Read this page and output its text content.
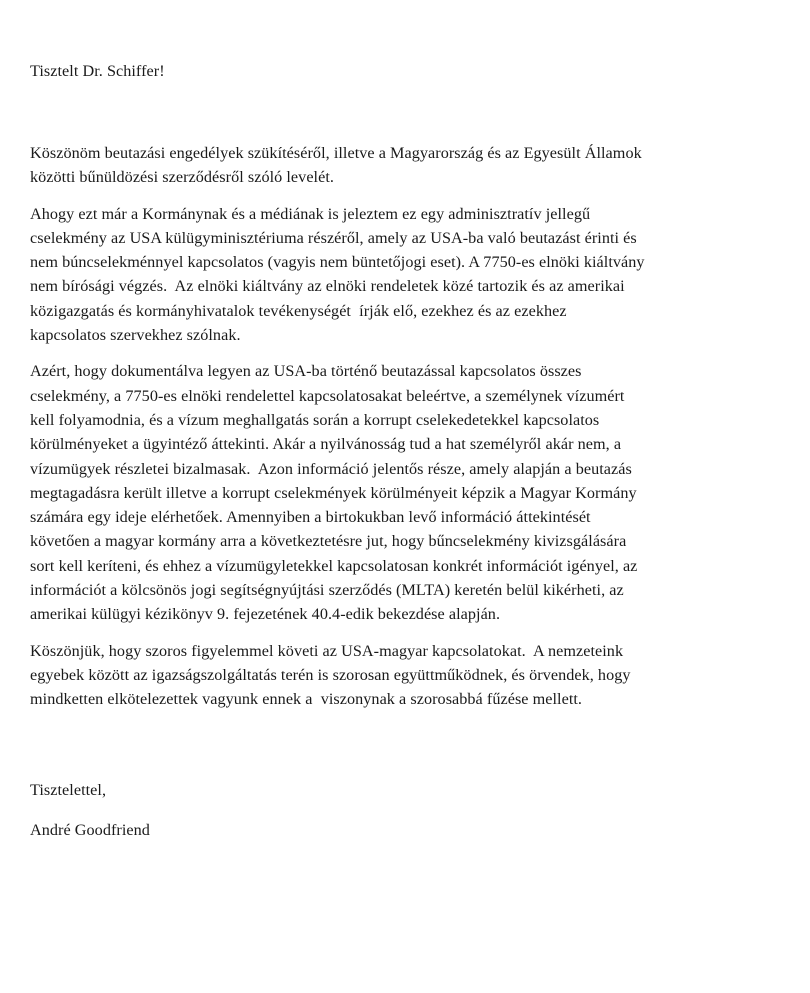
Tisztelt Dr. Schiffer!

Köszönöm beutazási engedélyek szükítéséről, illetve a Magyarország és az Egyesült Államok
közötti bűnüldözési szerződésről szóló levelét.

Ahogy ezt már a Kormánynak és a médiának is jeleztem ez egy adminisztratív jellegű
cselekmény az USA külügyminisztériuma részéről, amely az USA-ba való beutazást érinti és
nem búncselekménnyel kapcsolatos (vagyis nem büntetőjogi eset). A 7750-es elnöki kiáltvány
nem bírósági végzés.  Az elnöki kiáltvány az elnöki rendeletek közé tartozik és az amerikai
közigazgatás és kormányhivatalok tevékenységét  írják elő, ezekhez és az ezekhez
kapcsolatos szervekhez szólnak.

Azért, hogy dokumentálva legyen az USA-ba történő beutazással kapcsolatos összes
cselekmény, a 7750-es elnöki rendelettel kapcsolatosakat beleértve, a személynek vízumért
kell folyamodnia, és a vízum meghallgatás során a korrupt cselekedetekkel kapcsolatos
körülményeket a ügyintéző áttekinti. Akár a nyilvánosság tud a hat személyről akár nem, a
vízumügyek részletei bizalmasak.  Azon információ jelentős része, amely alapján a beutazás
megtagadásra került illetve a korrupt cselekmények körülményeit képzik a Magyar Kormány
számára egy ideje elérhetőek. Amennyiben a birtokukban levő információ áttekintését
követően a magyar kormány arra a következtetésre jut, hogy bűncselekmény kivizsgálására
sort kell keríteni, és ehhez a vízumügyletekkel kapcsolatosan konkrét információt igényel, az
információt a kölcsönös jogi segítségnyújtási szerződés (MLTA) keretén belül kikérheti, az
amerikai külügyi kézikönyv 9. fejezetének 40.4-edik bekezdése alapján.

Köszönjük, hogy szoros figyelemmel követi az USA-magyar kapcsolatokat.  A nemzeteink
egyebek között az igazságszolgáltatás terén is szorosan együttműködnek, és örvendek, hogy
mindketten elkötelezettek vagyunk ennek a  viszonynak a szorosabbá fűzése mellett.

Tisztelettel,

André Goodfriend
